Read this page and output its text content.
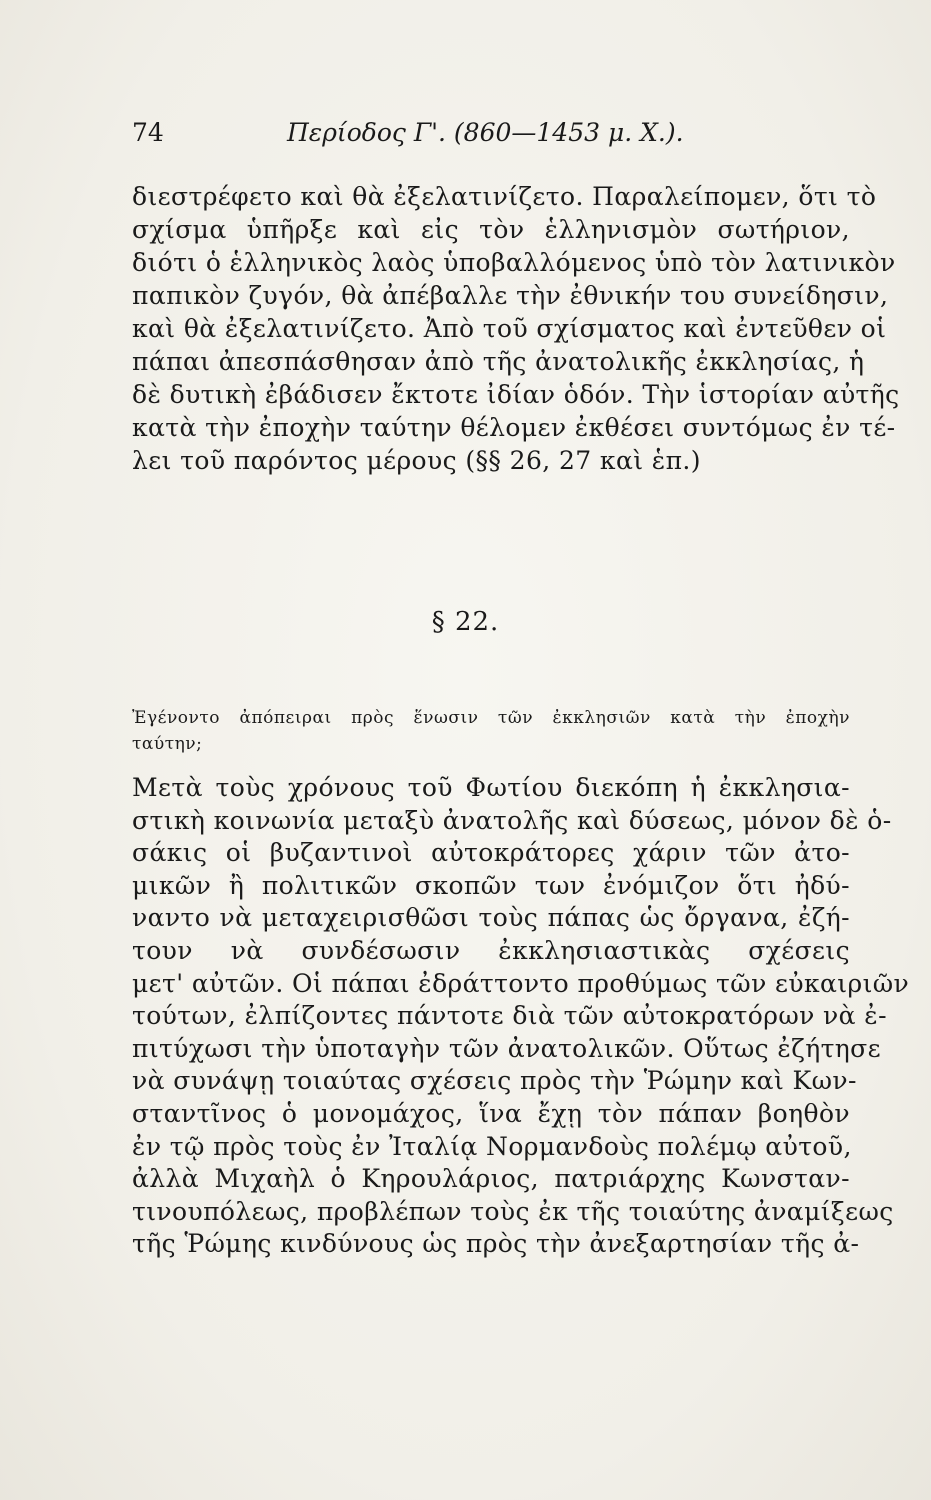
74	Περίοδος Γ'. (860—1453 μ. Χ.).
διεστρέφετο καὶ θὰ ἐξελατινίζετο. Παραλείπομεν, ὅτι τὸ
σχίσμα ὑπῆρξε καὶ εἰς τὸν ἑλληνισμὸν σωτήριον,
διότι ὁ ἑλληνικὸς λαὸς ὑποβαλλόμενος ὑπὸ τὸν λατινικὸν
παπικὸν ζυγόν, θὰ ἀπέβαλλε τὴν ἐθνικήν του συνείδησιν,
καὶ θὰ ἐξελατινίζετο. Ἀπὸ τοῦ σχίσματος καὶ ἐντεῦθεν οἱ
πάπαι ἀπεσπάσθησαν ἀπὸ τῆς ἀνατολικῆς ἐκκλησίας, ἡ
δὲ δυτικὴ ἐβάδισεν ἔκτοτε ἰδίαν ὁδόν. Τὴν ἱστορίαν αὐτῆς
κατὰ τὴν ἐποχὴν ταύτην θέλομεν ἐκθέσει συντόμως ἐν τέ-
λει τοῦ παρόντος μέρους (§§ 26, 27 καὶ ἑπ.)
§ 22.
Ἐγένοντο ἀπόπειραι πρὸς ἕνωσιν τῶν ἐκκλησιῶν κατὰ τὴν ἐποχὴν
ταύτην;
Μετὰ τοὺς χρόνους τοῦ Φωτίου διεκόπη ἡ ἐκκλησια-
στικὴ κοινωνία μεταξὺ ἀνατολῆς καὶ δύσεως, μόνον δὲ ὁ-
σάκις οἱ βυζαντινοὶ αὐτοκράτορες χάριν τῶν ἀτο-
μικῶν ἢ πολιτικῶν σκοπῶν των ἐνόμιζον ὅτι ἠδύ-
ναντο νὰ μεταχειρισθῶσι τοὺς πάπας ὡς ὄργανα, ἐζή-
τουν νὰ συνδέσωσιν ἐκκλησιαστικὰς σχέσεις
μετ' αὐτῶν. Οἱ πάπαι ἐδράττοντο προθύμως τῶν εὐκαιριῶν
τούτων, ἐλπίζοντες πάντοτε διὰ τῶν αὐτοκρατόρων νὰ ἐ-
πιτύχωσι τὴν ὑποταγὴν τῶν ἀνατολικῶν. Οὕτως ἐζήτησε
νὰ συνάψῃ τοιαύτας σχέσεις πρὸς τὴν Ῥώμην καὶ Κων-
σταντῖνος ὁ μονομάχος, ἵνα ἔχῃ τὸν πάπαν βοηθὸν
ἐν τῷ πρὸς τοὺς ἐν Ἰταλίᾳ Νορμανδοὺς πολέμῳ αὐτοῦ,
ἀλλὰ Μιχαὴλ ὁ Κηρουλάριος, πατριάρχης Κωνσταν-
τινουπόλεως, προβλέπων τοὺς ἐκ τῆς τοιαύτης ἀναμίξεως
τῆς Ῥώμης κινδύνους ὡς πρὸς τὴν ἀνεξαρτησίαν τῆς ἀ-
